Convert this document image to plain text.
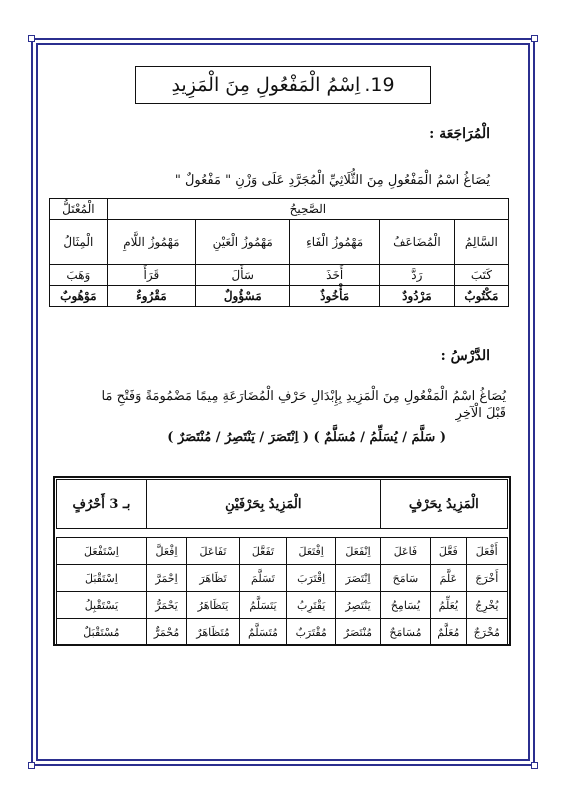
19.
اِسْمُ الْمَفْعُولِ مِنَ الْمَزِيدِ
الْمُرَاجَعَة :
يُصَاغُ اسْمُ الْمَفْعُولِ مِنَ الثُّلَاثِيِّ الْمُجَرَّدِ عَلَى وَزْنِ " مَفْعُولٌ "
الصَّحِيحُ					الْمُعْتَلُّ
السَّالِمُ	الْمُضَاعَفُ	مَهْمُوزُ الْفَاءِ	مَهْمُوزُ الْعَيْنِ	مَهْمُوزُ اللَّامِ	الْمِثَالُ
كَتَبَ	رَدَّ	أَخَذَ	سَأَلَ	قَرَأَ	وَهَبَ
مَكْتُوبٌ	مَرْدُودٌ	مَأْخُوذٌ	مَسْؤُولٌ	مَقْرُوءٌ	مَوْهُوبٌ
الدَّرْسُ :
يُصَاغُ اسْمُ الْمَفْعُولِ مِنَ الْمَزِيدِ بِإِبْدَالِ حَرْفِ الْمُضَارَعَةِ مِيمًا مَضْمُومَةً وَفَتْحِ مَا
قَبْلَ الْآخِرِ
( سَلَّمَ / يُسَلِّمُ / مُسَلَّمٌ ) ( اِنْتَصَرَ / يَنْتَصِرُ / مُنْتَصَرٌ )
الْمَزِيدُ بِحَرْفٍ			الْمَزِيدُ بِحَرْفَيْنِ					بـ 3 أَحْرُفٍ

أَفْعَلَ	فَعَّلَ	فَاعَلَ	اِنْفَعَلَ	اِفْتَعَلَ	تَفَعَّلَ	تَفَاعَلَ	اِفْعَلَّ	اِسْتَفْعَلَ
أَخْرَجَ	عَلَّمَ	سَامَحَ	اِنْتَصَرَ	اِقْتَرَبَ	تَسَلَّمَ	تَظَاهَرَ	اِحْمَرَّ	اِسْتَقْبَلَ
يُخْرِجُ	يُعَلِّمُ	يُسَامِحُ	يَنْتَصِرُ	يَقْتَرِبُ	يَتَسَلَّمُ	يَتَظَاهَرُ	يَحْمَرُّ	يَسْتَقْبِلُ
مُخْرَجٌ	مُعَلَّمٌ	مُسَامَحٌ	مُنْتَصَرٌ	مُقْتَرَبٌ	مُتَسَلَّمٌ	مُتَظَاهَرٌ	مُحْمَرٌّ	مُسْتَقْبَلٌ
